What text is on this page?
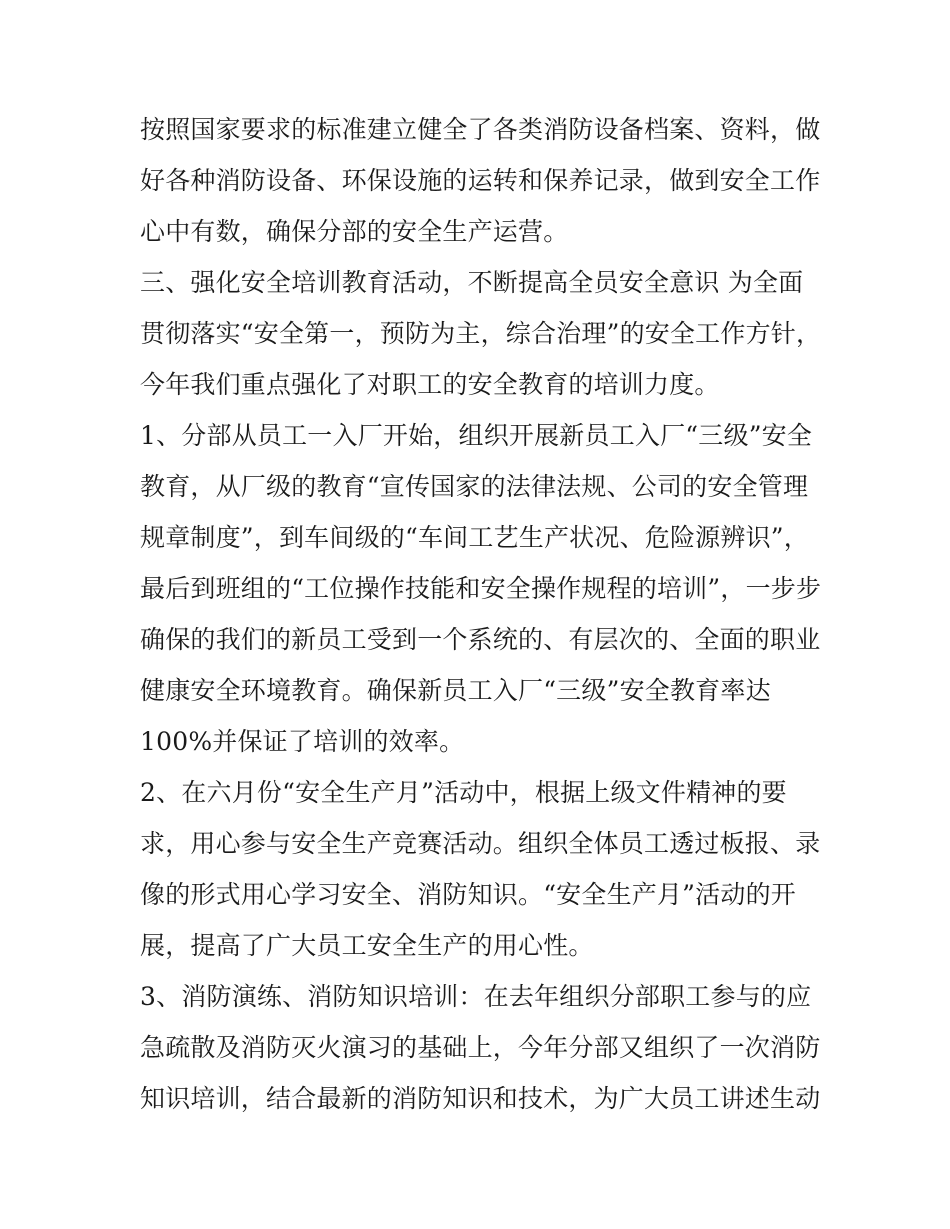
按照国家要求的标准建立健全了各类消防设备档案、资料，做
好各种消防设备、环保设施的运转和保养记录，做到安全工作
心中有数，确保分部的安全生产运营。
三、强化安全培训教育活动，不断提高全员安全意识 为全面
贯彻落实“安全第一，预防为主，综合治理”的安全工作方针，
今年我们重点强化了对职工的安全教育的培训力度。
1、分部从员工一入厂开始，组织开展新员工入厂“三级”安全
教育，从厂级的教育“宣传国家的法律法规、公司的安全管理
规章制度”，到车间级的“车间工艺生产状况、危险源辨识”，
最后到班组的“工位操作技能和安全操作规程的培训”，一步步
确保的我们的新员工受到一个系统的、有层次的、全面的职业
健康安全环境教育。确保新员工入厂“三级”安全教育率达
100%并保证了培训的效率。
2、在六月份“安全生产月”活动中，根据上级文件精神的要
求，用心参与安全生产竞赛活动。组织全体员工透过板报、录
像的形式用心学习安全、消防知识。“安全生产月”活动的开
展，提高了广大员工安全生产的用心性。
3、消防演练、消防知识培训：在去年组织分部职工参与的应
急疏散及消防灭火演习的基础上，今年分部又组织了一次消防
知识培训，结合最新的消防知识和技术，为广大员工讲述生动
